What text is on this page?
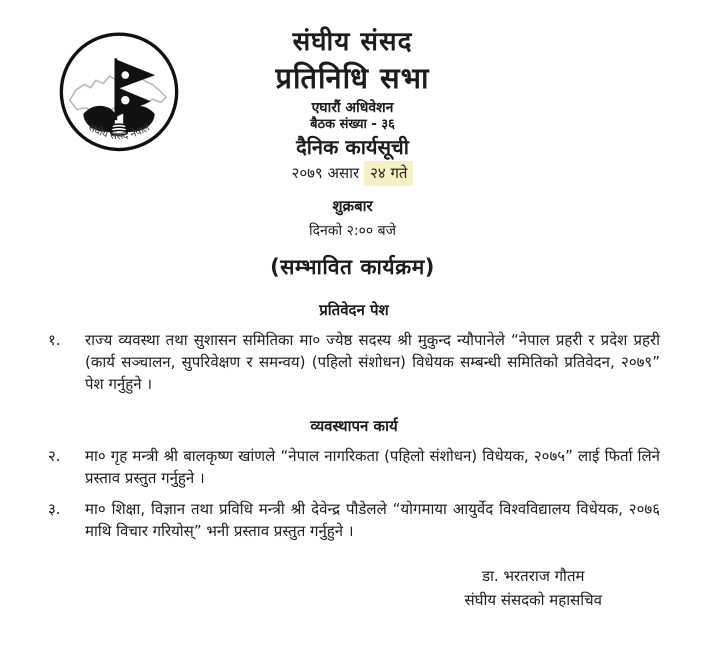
संघीय संसद नेपाल
संघीय संसद
प्रतिनिधि सभा
एघारौं अधिवेशन
बैठक संख्या - ३६
दैनिक कार्यसूची
२०७९ असार २४ गते
शुक्रबार
दिनको २:०० बजे
(सम्भावित कार्यक्रम)
प्रतिवेदन पेश
१.	राज्य व्यवस्था तथा सुशासन समितिका मा० ज्येष्ठ सदस्य श्री मुकुन्द न्यौपानेले “नेपाल प्रहरी र प्रदेश प्रहरी (कार्य सञ्चालन, सुपरिवेक्षण र समन्वय) (पहिलो संशोधन) विधेयक सम्बन्धी समितिको प्रतिवेदन, २०७९” पेश गर्नुहुने ।
व्यवस्थापन कार्य
२.	मा० गृह मन्त्री श्री बालकृष्ण खांणले “नेपाल नागरिकता (पहिलो संशोधन) विधेयक, २०७५” लाई फिर्ता लिने प्रस्ताव प्रस्तुत गर्नुहुने ।
३.	मा० शिक्षा, विज्ञान तथा प्रविधि मन्त्री श्री देवेन्द्र पौडेलले “योगमाया आयुर्वेद विश्वविद्यालय विधेयक, २०७६ माथि विचार गरियोस्” भनी प्रस्ताव प्रस्तुत गर्नुहुने ।
डा. भरतराज गौतम
संघीय संसदको महासचिव
